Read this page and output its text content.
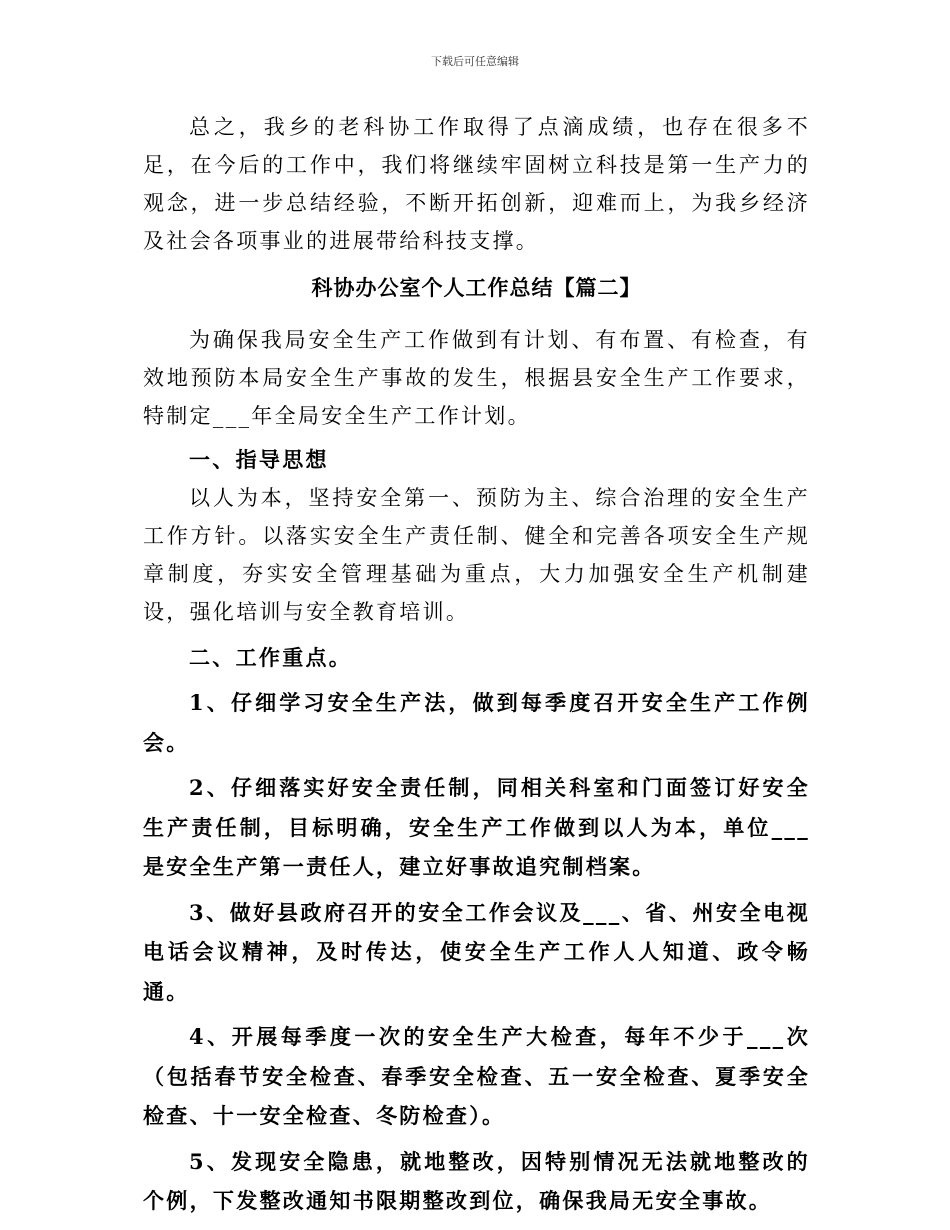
下载后可任意编辑

总之，我乡的老科协工作取得了点滴成绩，也存在很多不足，在今后的工作中，我们将继续牢固树立科技是第一生产力的观念，进一步总结经验，不断开拓创新，迎难而上，为我乡经济及社会各项事业的进展带给科技支撑。

科协办公室个人工作总结【篇二】

为确保我局安全生产工作做到有计划、有布置、有检查，有效地预防本局安全生产事故的发生，根据县安全生产工作要求，特制定___年全局安全生产工作计划。

一、指导思想

以人为本，坚持安全第一、预防为主、综合治理的安全生产工作方针。以落实安全生产责任制、健全和完善各项安全生产规章制度，夯实安全管理基础为重点，大力加强安全生产机制建设，强化培训与安全教育培训。

二、工作重点。

1、仔细学习安全生产法，做到每季度召开安全生产工作例会。

2、仔细落实好安全责任制，同相关科室和门面签订好安全生产责任制，目标明确，安全生产工作做到以人为本，单位___是安全生产第一责任人，建立好事故追究制档案。

3、做好县政府召开的安全工作会议及___、省、州安全电视电话会议精神，及时传达，使安全生产工作人人知道、政令畅通。

4、开展每季度一次的安全生产大检查，每年不少于___次（包括春节安全检查、春季安全检查、五一安全检查、夏季安全检查、十一安全检查、冬防检查）。

5、发现安全隐患，就地整改，因特别情况无法就地整改的个例，下发整改通知书限期整改到位，确保我局无安全事故。
